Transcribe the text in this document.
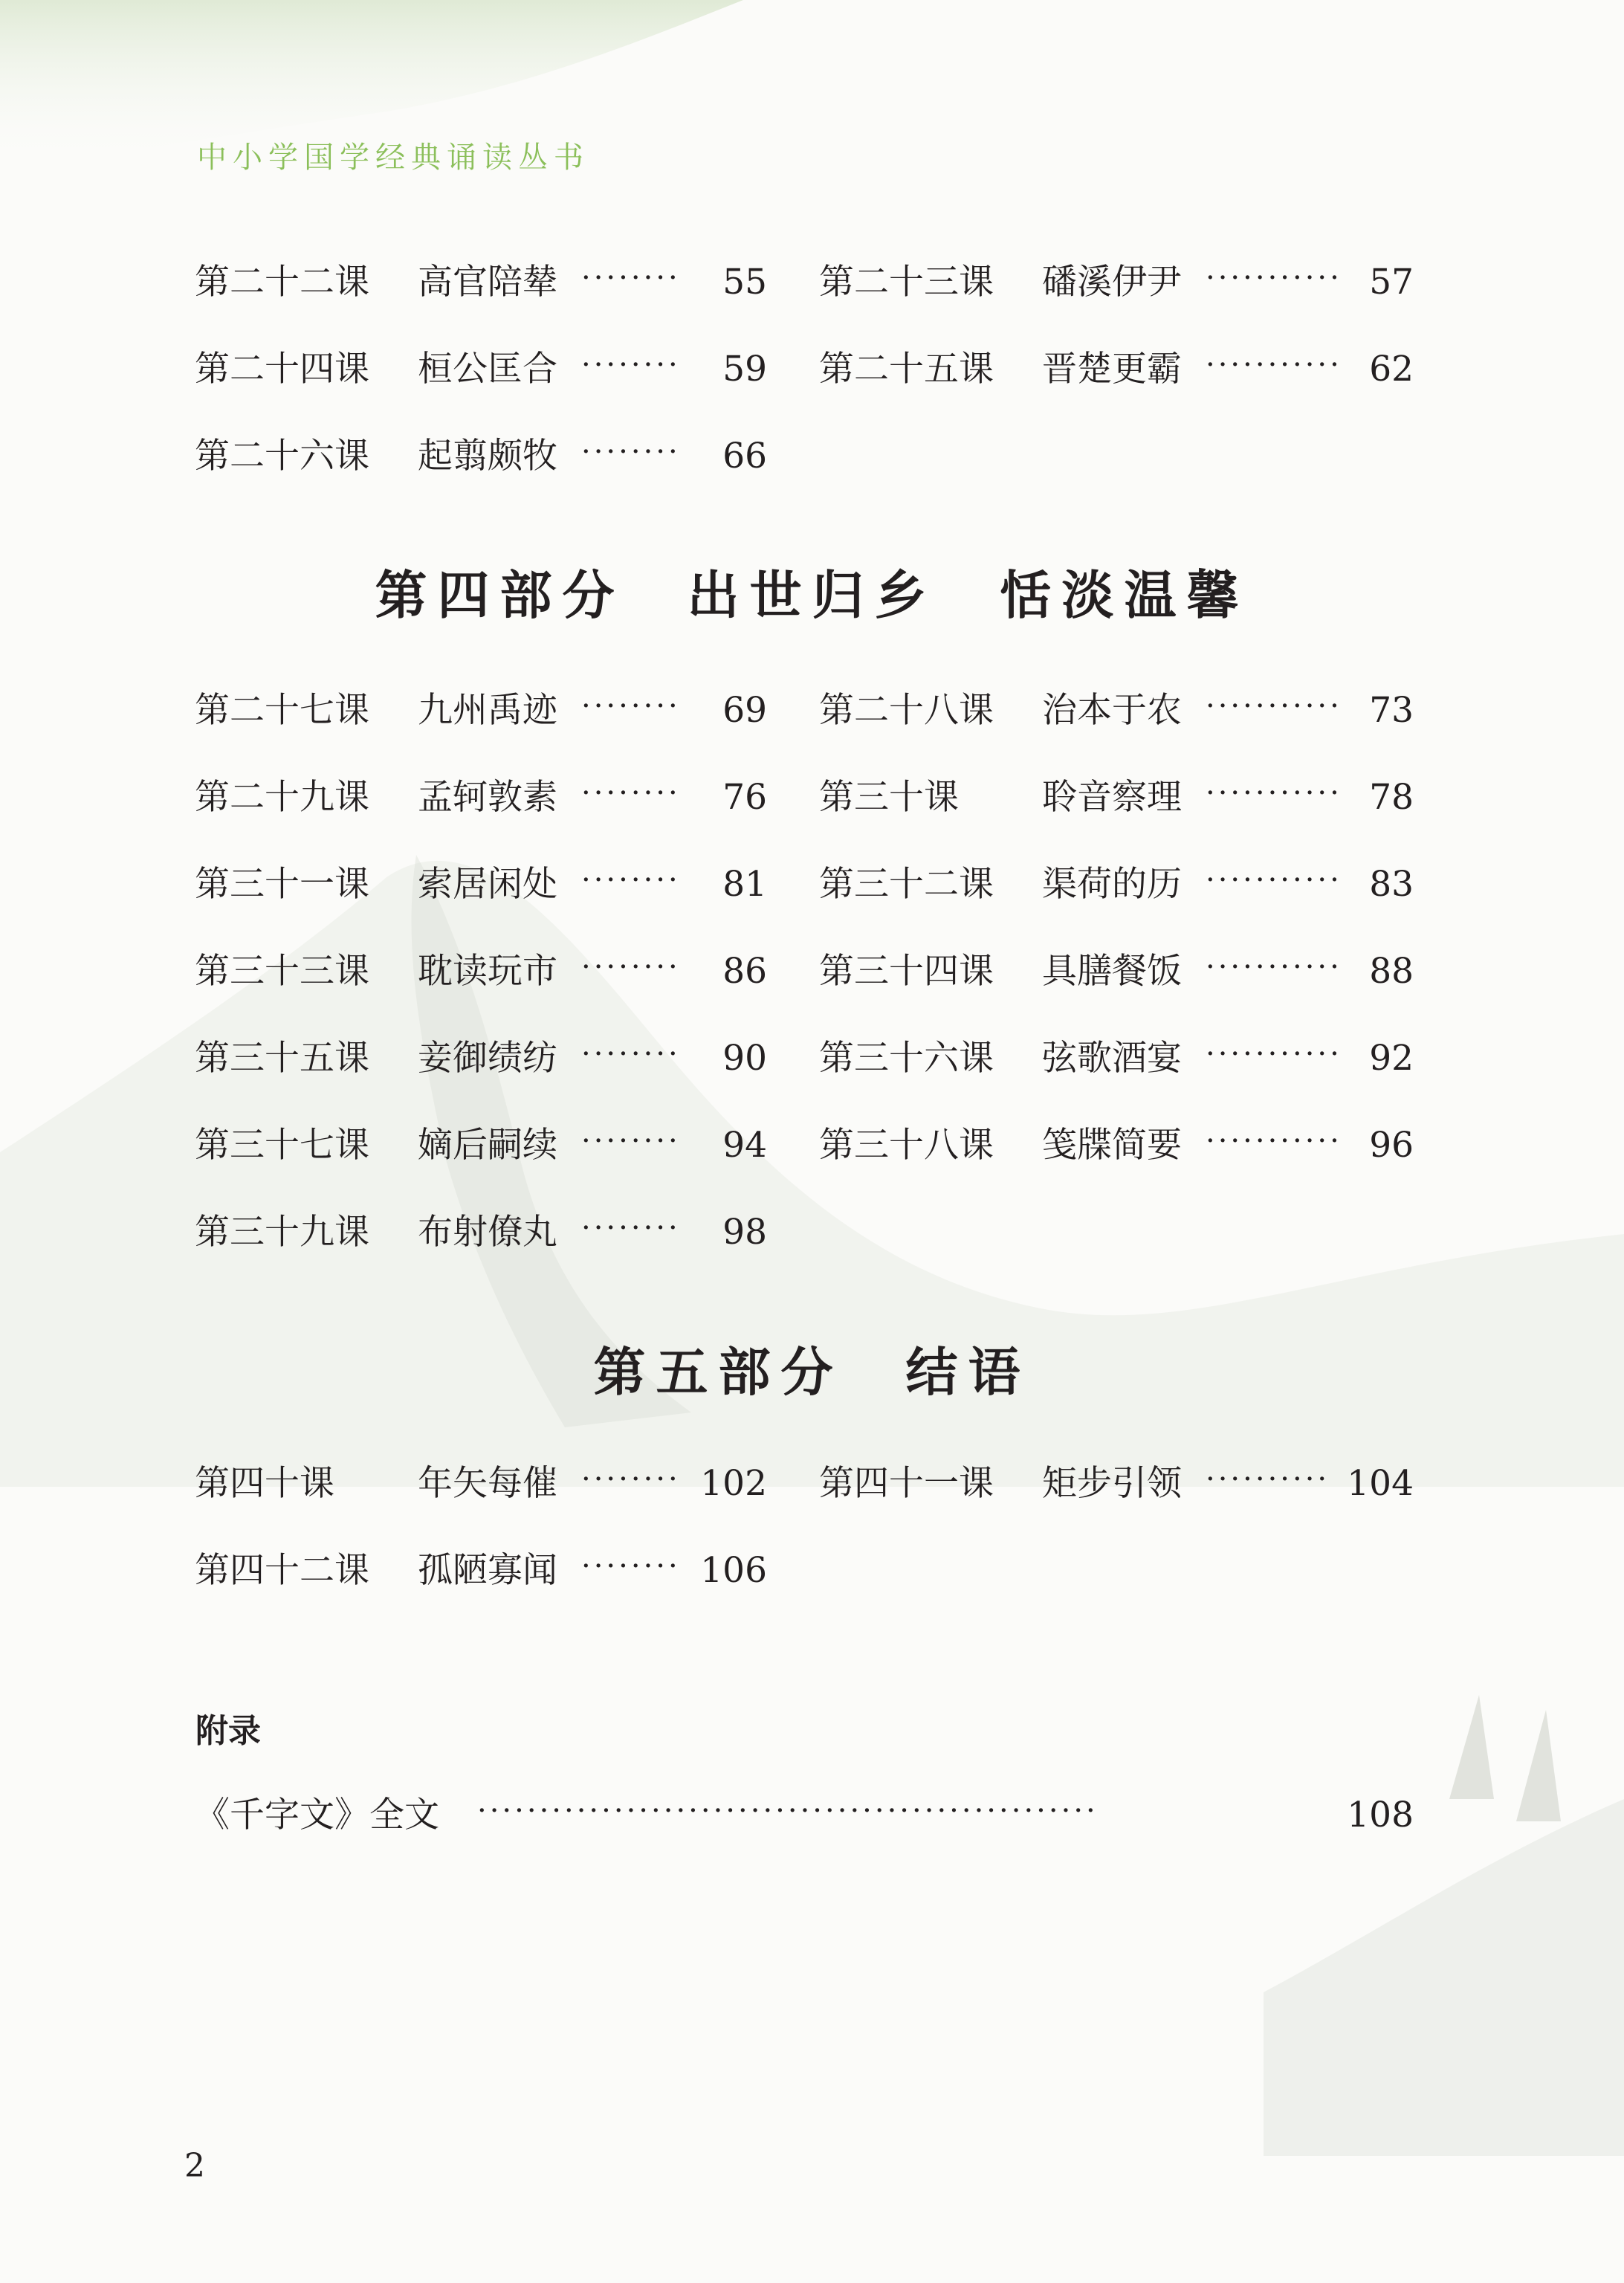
中小学国学经典诵读丛书
第二十二课 高官陪辇 ········	55 第二十三课 磻溪伊尹 ··········· 57
第二十四课 桓公匡合 ········	59 第二十五课 晋楚更霸 ··········· 62
第二十六课 起翦颇牧 ········	66
第四部分　出世归乡　恬淡温馨
第二十七课 九州禹迹 ········	69 第二十八课 治本于农 ··········· 73
第二十九课 孟轲敦素 ········	76 第三十课 聆音察理 ··········· 78
第三十一课 索居闲处 ········	81 第三十二课 渠荷的历 ··········· 83
第三十三课 耽读玩市 ········	86 第三十四课 具膳餐饭 ··········· 88
第三十五课 妾御绩纺 ········	90 第三十六课 弦歌酒宴 ··········· 92
第三十七课 嫡后嗣续 ········	94 第三十八课 笺牒简要 ··········· 96
第三十九课 布射僚丸 ········	98
第五部分　结语
第四十课 年矢每催 ········ 102 第四十一课 矩步引领 ·········· 104
第四十二课 孤陋寡闻 ········ 106
附录
《千字文》全文 ··················································	108
2
